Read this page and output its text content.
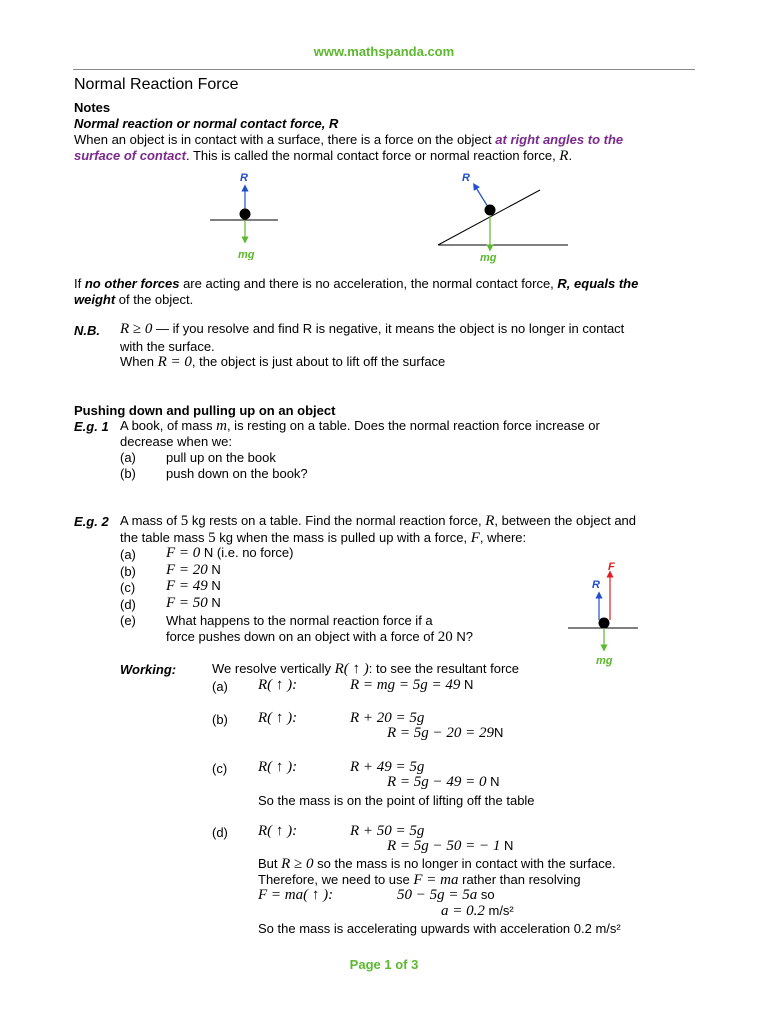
www.mathspanda.com
Normal Reaction Force
Notes
Normal reaction or normal contact force, R
When an object is in contact with a surface, there is a force on the object at right angles to the
surface of contact. This is called the normal contact force or normal reaction force, R.
R
mg
R
mg
If no other forces are acting and there is no acceleration, the normal contact force, R, equals the
weight of the object.
N.B. R ≥ 0 — if you resolve and find R is negative, it means the object is no longer in contact
with the surface.
When R = 0, the object is just about to lift off the surface
Pushing down and pulling up on an object
E.g. 1 A book, of mass m, is resting on a table. Does the normal reaction force increase or
decrease when we:
(a) pull up on the book
(b) push down on the book?
E.g. 2 A mass of 5 kg rests on a table. Find the normal reaction force, R, between the object and
the table mass 5 kg when the mass is pulled up with a force, F, where:
(a) F = 0 N (i.e. no force)
(b) F = 20 N
(c) F = 49 N
(d) F = 50 N
(e) What happens to the normal reaction force if a
force pushes down on an object with a force of 20 N?
F
R
mg
Working:	We resolve vertically R( ↑ ): to see the resultant force
(a) R( ↑ ):	R = mg = 5g = 49 N
(b) R( ↑ ):	R + 20 = 5g
R = 5g − 20 = 29N
(c) R( ↑ ):	R + 49 = 5g
R = 5g − 49 = 0 N
So the mass is on the point of lifting off the table
(d) R( ↑ ):	R + 50 = 5g
R = 5g − 50 = − 1 N
But R ≥ 0 so the mass is no longer in contact with the surface.
Therefore, we need to use F = ma rather than resolving
F = ma( ↑ ):	50 − 5g = 5a so
a = 0.2 m/s²
So the mass is accelerating upwards with acceleration 0.2 m/s²
Page 1 of 3
